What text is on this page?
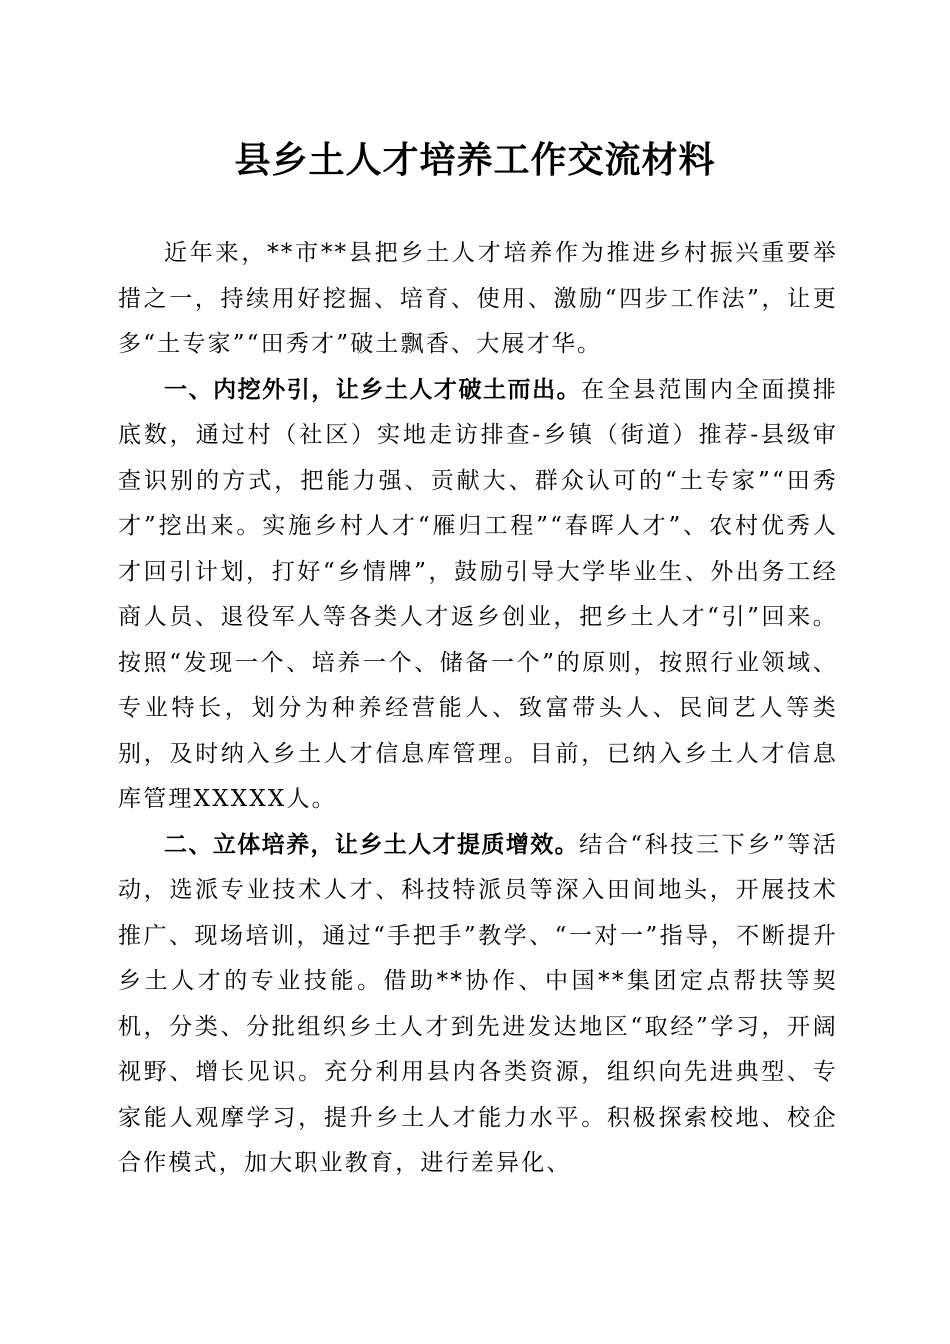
县乡土人才培养工作交流材料

近年来，**市**县把乡土人才培养作为推进乡村振兴重要举措之一，持续用好挖掘、培育、使用、激励“四步工作法”，让更多“土专家”“田秀才”破土飘香、大展才华。

一、内挖外引，让乡土人才破土而出。在全县范围内全面摸排底数，通过村（社区）实地走访排查-乡镇（街道）推荐-县级审查识别的方式，把能力强、贡献大、群众认可的“土专家”“田秀才”挖出来。实施乡村人才“雁归工程”“春晖人才”、农村优秀人才回引计划，打好“乡情牌”，鼓励引导大学毕业生、外出务工经商人员、退役军人等各类人才返乡创业，把乡土人才“引”回来。按照“发现一个、培养一个、储备一个”的原则，按照行业领域、专业特长，划分为种养经营能人、致富带头人、民间艺人等类别，及时纳入乡土人才信息库管理。目前，已纳入乡土人才信息库管理XXXXX人。

二、立体培养，让乡土人才提质增效。结合“科技三下乡”等活动，选派专业技术人才、科技特派员等深入田间地头，开展技术推广、现场培训，通过“手把手”教学、“一对一”指导，不断提升乡土人才的专业技能。借助**协作、中国**集团定点帮扶等契机，分类、分批组织乡土人才到先进发达地区“取经”学习，开阔视野、增长见识。充分利用县内各类资源，组织向先进典型、专家能人观摩学习，提升乡土人才能力水平。积极探索校地、校企合作模式，加大职业教育，进行差异化、
